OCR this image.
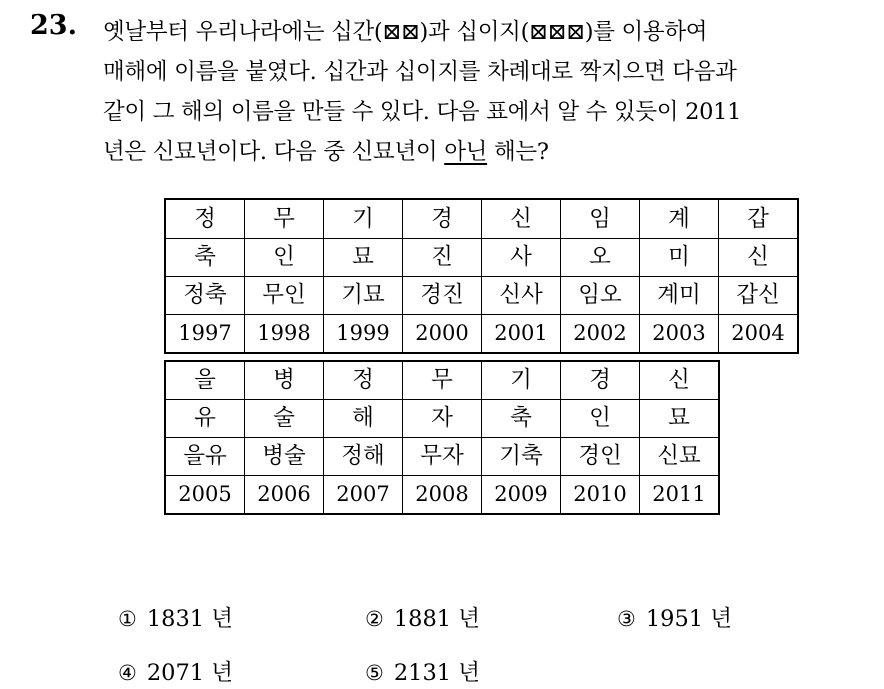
23. 옛날부터 우리나라에는 십간(⊠⊠)과 십이지(⊠⊠⊠)를 이용하여
매해에 이름을 붙였다. 십간과 십이지를 차례대로 짝지으면 다음과
같이 그 해의 이름을 만들 수 있다. 다음 표에서 알 수 있듯이 2011
년은 신묘년이다. 다음 중 신묘년이 아닌 해는?
정	무	기	경	신	임	계	갑
축	인	묘	진	사	오	미	신
정축	무인	기묘	경진	신사	임오	계미	갑신
1997	1998	1999	2000	2001	2002	2003	2004
을	병	정	무	기	경	신
유	술	해	자	축	인	묘
을유	병술	정해	무자	기축	경인	신묘
2005	2006	2007	2008	2009	2010	2011
① 1831 년	② 1881 년	③ 1951 년
④ 2071 년	⑤ 2131 년
